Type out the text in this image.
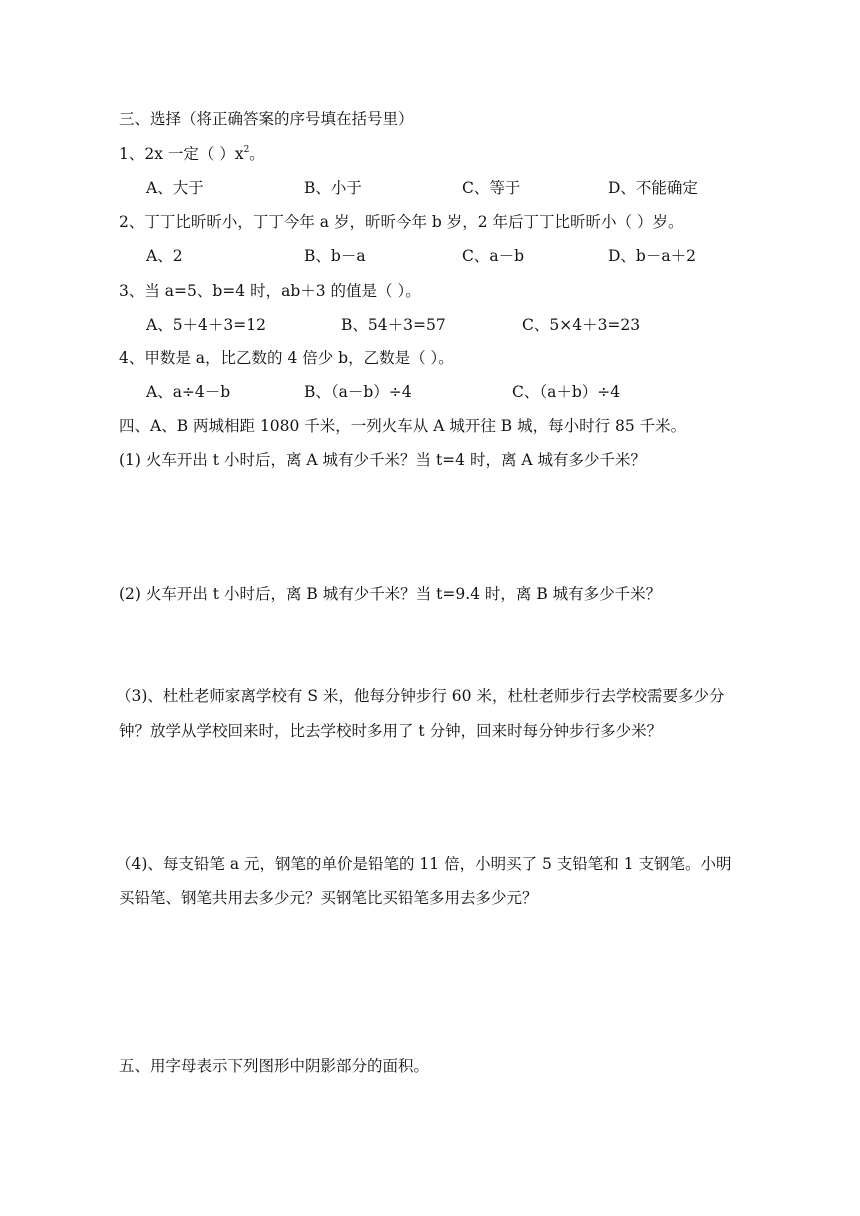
三、选择（将正确答案的序号填在括号里）
1、2x 一定（ ）$x^2$。
A、大于	B、小于	C、等于	D、不能确定
2、丁丁比昕昕小，丁丁今年 a 岁，昕昕今年 b 岁，2 年后丁丁比昕昕小（ ）岁。
A、2	B、b－a	C、a－b	D、b－a＋2
3、当 a=5、b=4 时，ab＋3 的值是（ ）。
A、5＋4＋3=12	B、54＋3=57	C、5×4＋3=23
4、甲数是 a，比乙数的 4 倍少 b，乙数是（ ）。
A、a÷4－b	B、（a－b）÷4	C、（a＋b）÷4
四、A、B 两城相距 1080 千米，一列火车从 A 城开往 B 城，每小时行 85 千米。
(1) 火车开出 t 小时后，离 A 城有少千米？当 t=4 时，离 A 城有多少千米？
(2) 火车开出 t 小时后，离 B 城有少千米？当 t=9.4 时，离 B 城有多少千米？
（3)、杜杜老师家离学校有 S 米，他每分钟步行 60 米，杜杜老师步行去学校需要多少分
钟？放学从学校回来时，比去学校时多用了 t 分钟，回来时每分钟步行多少米？
（4)、每支铅笔 a 元，钢笔的单价是铅笔的 11 倍，小明买了 5 支铅笔和 1 支钢笔。小明
买铅笔、钢笔共用去多少元？买钢笔比买铅笔多用去多少元？
五、用字母表示下列图形中阴影部分的面积。
